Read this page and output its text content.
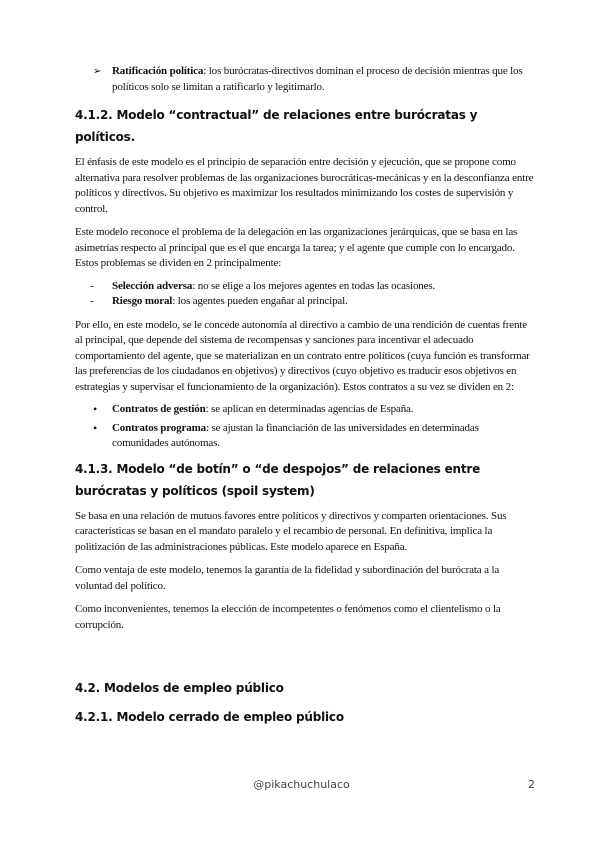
➢ Ratificación política: los burócratas-directivos dominan el proceso de decisión mientras que los políticos solo se limitan a ratificarlo y legitimarlo.
4.1.2. Modelo “contractual” de relaciones entre burócratas y políticos.

El énfasis de este modelo es el principio de separación entre decisión y ejecución, que se propone como alternativa para resolver problemas de las organizaciones burocráticas-mecánicas y en la desconfianza entre políticos y directivos. Su objetivo es maximizar los resultados minimizando los costes de supervisión y control.

Este modelo reconoce el problema de la delegación en las organizaciones jerárquicas, que se basa en las asimetrías respecto al principal que es el que encarga la tarea; y el agente que cumple con lo encargado. Estos problemas se dividen en 2 principalmente:

- Selección adversa: no se elige a los mejores agentes en todas las ocasiones.
- Riesgo moral: los agentes pueden engañar al principal.

Por ello, en este modelo, se le concede autonomía al directivo a cambio de una rendición de cuentas frente al principal, que depende del sistema de recompensas y sanciones para incentivar el adecuado comportamiento del agente, que se materializan en un contrato entre políticos (cuya función es transformar las preferencias de los ciudadanos en objetivos) y directivos (cuyo objetivo es traducir esos objetivos en estrategias y supervisar el funcionamiento de la organización). Estos contratos a su vez se dividen en 2:

• Contratos de gestión: se aplican en determinadas agencias de España.
• Contratos programa: se ajustan la financiación de las universidades en determinadas comunidades autónomas.
4.1.3. Modelo “de botín” o “de despojos” de relaciones entre burócratas y políticos (spoil system)

Se basa en una relación de mutuos favores entre políticos y directivos y comparten orientaciones. Sus características se basan en el mandato paralelo y el recambio de personal. En definitiva, implica la politización de las administraciones públicas. Este modelo aparece en España.

Como ventaja de este modelo, tenemos la garantía de la fidelidad y subordinación del burócrata a la voluntad del político.

Como inconvenientes, tenemos la elección de incompetentes o fenómenos como el clientelismo o la corrupción.

4.2. Modelos de empleo público
4.2.1. Modelo cerrado de empleo público
@pikachuchulaco	2
